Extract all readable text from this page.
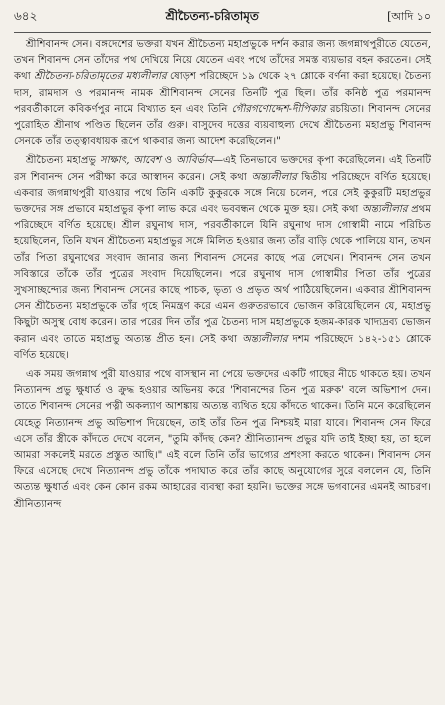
৬৪২	শ্রীচৈতন্য-চরিতামৃত	[আদি ১০

শ্রীশিবানন্দ সেন। বঙ্গদেশের ভক্তরা যখন শ্রীচৈতন্য মহাপ্রভুকে দর্শন করার জন্য জগন্নাথপুরীতে যেতেন, তখন শিবানন্দ সেন তাঁদের পথ দেখিয়ে নিয়ে যেতেন এবং পথে তাঁদের সমস্ত ব্যয়ভার বহন করতেন। সেই কথা শ্রীচৈতন্য-চরিতামৃতের মধ্যলীলার ষোড়শ পরিচ্ছেদে ১৯ থেকে ২৭ শ্লোকে বর্ণনা করা হয়েছে। চৈতন্য দাস, রামদাস ও পরমানন্দ নামক শ্রীশিবানন্দ সেনের তিনটি পুত্র ছিল। তাঁর কনিষ্ঠ পুত্র পরমানন্দ পরবর্তীকালে কবিকর্ণপুর নামে বিখ্যাত হন এবং তিনি গৌরগণোদ্দেশ-দীপিকার রচয়িতা। শিবানন্দ সেনের পুরোহিত শ্রীনাথ পণ্ডিত ছিলেন তাঁর গুরু। বাসুদেব দত্তের ব্যয়বাহুল্য দেখে শ্রীচৈতন্য মহাপ্রভু শিবানন্দ সেনকে তাঁর তত্ত্বাবধায়ক রূপে থাকবার জন্য আদেশ করেছিলেন।"

শ্রীচৈতন্য মহাপ্রভু সাক্ষাৎ, আবেশ ও আবির্ভাব—এই তিনভাবে ভক্তদের কৃপা করেছিলেন। এই তিনটি রস শিবানন্দ সেন পরীক্ষা করে আস্বাদন করেন। সেই কথা অন্ত্যলীলার দ্বিতীয় পরিচ্ছেদে বর্ণিত হয়েছে। একবার জগন্নাথপুরী যাওয়ার পথে তিনি একটি কুকুরকে সঙ্গে নিয়ে চলেন, পরে সেই কুকুরটি মহাপ্রভুর ভক্তদের সঙ্গ প্রভাবে মহাপ্রভুর কৃপা লাভ করে এবং ভববন্ধন থেকে মুক্ত হয়। সেই কথা অন্ত্যলীলার প্রথম পরিচ্ছেদে বর্ণিত হয়েছে। শ্রীল রঘুনাথ দাস, পরবর্তীকালে যিনি রঘুনাথ দাস গোস্বামী নামে পরিচিত হয়েছিলেন, তিনি যখন শ্রীচৈতন্য মহাপ্রভুর সঙ্গে মিলিত হওয়ার জন্য তাঁর বাড়ি থেকে পালিয়ে যান, তখন তাঁর পিতা রঘুনাথের সংবাদ জানার জন্য শিবানন্দ সেনের কাছে পত্র লেখেন। শিবানন্দ সেন তখন সবিস্তারে তাঁকে তাঁর পুত্রের সংবাদ দিয়েছিলেন। পরে রঘুনাথ দাস গোস্বামীর পিতা তাঁর পুত্রের সুখসাচ্ছন্দ্যের জন্য শিবানন্দ সেনের কাছে পাচক, ভৃত্য ও প্রভৃত অর্থ পাঠিয়েছিলেন। একবার শ্রীশিবানন্দ সেন শ্রীচৈতন্য মহাপ্রভুকে তাঁর গৃহে নিমন্ত্রণ করে এমন গুরুতরভাবে ভোজন করিয়েছিলেন যে, মহাপ্রভু কিছুটা অসুস্থ বোধ করেন। তার পরের দিন তাঁর পুত্র চৈতন্য দাস মহাপ্রভুকে হজম-কারক খাদ্যদ্রব্য ভোজন করান এবং তাতে মহাপ্রভু অত্যন্ত প্রীত হন। সেই কথা অন্ত্যলীলার দশম পরিচ্ছেদে ১৪২-১৫১ শ্লোকে বর্ণিত হয়েছে।

এক সময় জগন্নাথ পুরী যাওয়ার পথে বাসস্থান না পেয়ে ভক্তদের একটি গাছের নীচে থাকতে হয়। তখন নিত্যানন্দ প্রভু ক্ষুধার্ত ও ক্রুদ্ধ হওয়ার অভিনয় করে 'শিবানন্দের তিন পুত্র মরুক' বলে অভিশাপ দেন। তাতে শিবানন্দ সেনের পত্নী অকল্যাণ আশঙ্কায় অত্যন্ত ব্যথিত হয়ে কাঁদতে থাকেন। তিনি মনে করেছিলেন যেহেতু নিত্যানন্দ প্রভু অভিশাপ দিয়েছেন, তাই তাঁর তিন পুত্র নিশ্চয়ই মারা যাবে। শিবানন্দ সেন ফিরে এসে তাঁর স্ত্রীকে কাঁদতে দেখে বলেন, "তুমি কাঁদছ কেন? শ্রীনিত্যানন্দ প্রভুর যদি তাই ইচ্ছা হয়, তা হলে আমরা সকলেই মরতে প্রস্তুত আছি।" এই বলে তিনি তাঁর ভাগ্যের প্রশংসা করতে থাকেন। শিবানন্দ সেন ফিরে এসেছে দেখে নিত্যানন্দ প্রভু তাঁকে পদাঘাত করে তাঁর কাছে অনুযোগের সুরে বললেন যে, তিনি অত্যন্ত ক্ষুধার্ত এবং কেন কোন রকম আহারের ব্যবস্থা করা হয়নি। ভক্তের সঙ্গে ভগবানের এমনই আচরণ। শ্রীনিত্যানন্দ
